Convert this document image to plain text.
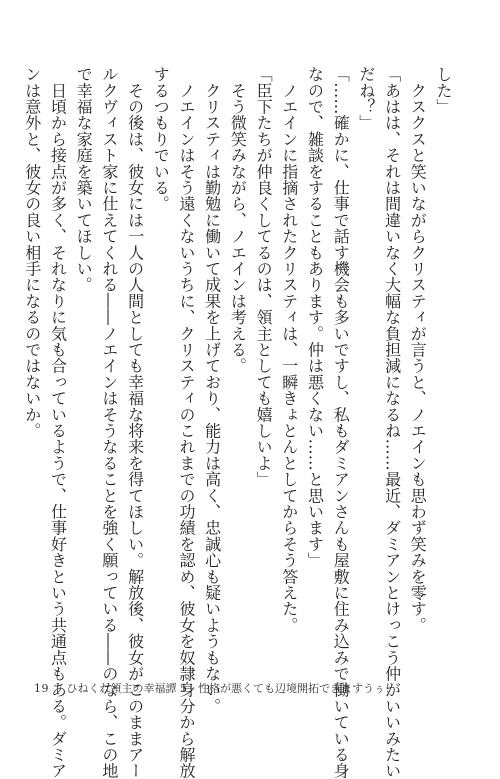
した」
　クスクスと笑いながらクリスティが言うと、ノエインも思わず笑みを零す。
「あはは、それは間違いなく大幅な負担減になるね……最近、ダミアンとけっこう仲がいいみたい
だね？」
「……確かに、仕事で話す機会も多いですし、私もダミアンさんも屋敷に住み込みで働いている身
なので、雑談をすることもあります。仲は悪くない……と思います」
　ノエインに指摘されたクリスティは、一瞬きょとんとしてからそう答えた。
「臣下たちが仲良くしてるのは、領主としても嬉しいよ」
　そう微笑みながら、ノエインは考える。
　クリスティは勤勉に働いて成果を上げており、能力は高く、忠誠心も疑いようもない。
　ノエインはそう遠くないうちに、クリスティのこれまでの功績を認め、彼女を奴隷身分から解放
するつもりでいる。
　その後は、彼女には一人の人間としても幸福な将来を得てほしい。解放後、彼女がこのままアー
ルクヴィスト家に仕えてくれる――ノエインはそうなることを強く願っている――のなら、この地
で幸福な家庭を築いてほしい。
　日頃から接点が多く、それなりに気も合っているようで、仕事好きという共通点もある。ダミア
ンは意外と、彼女の良い相手になるのではないか。
19 ひねくれ領主の幸福譚 5　性格が悪くても辺境開拓できますうぅ！
